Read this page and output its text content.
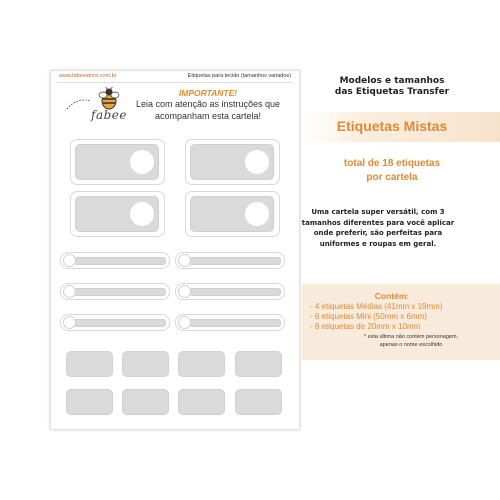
www.fabeestore.com.br	Etiquetas para tecido (tamanhos variados)
fabee
IMPORTANTE!
Leia com atenção as instruções que acompanham esta cartela!
Modelos e tamanhos
das Etiquetas Transfer
Etiquetas Mistas
total de 18 etiquetas
por cartela
Uma cartela super versátil, com 3 tamanhos diferentes para você aplicar onde preferir, são perfeitas para uniformes e roupas em geral.
Contém:
- 4 etiquetas Médias (41mm x 19mm)
- 6 etiquetas Mini (50mm x 6mm)
- 8 etiquetas de 20mm x 10mm
* esta última não contém personagem,
apenas o nome escolhido
